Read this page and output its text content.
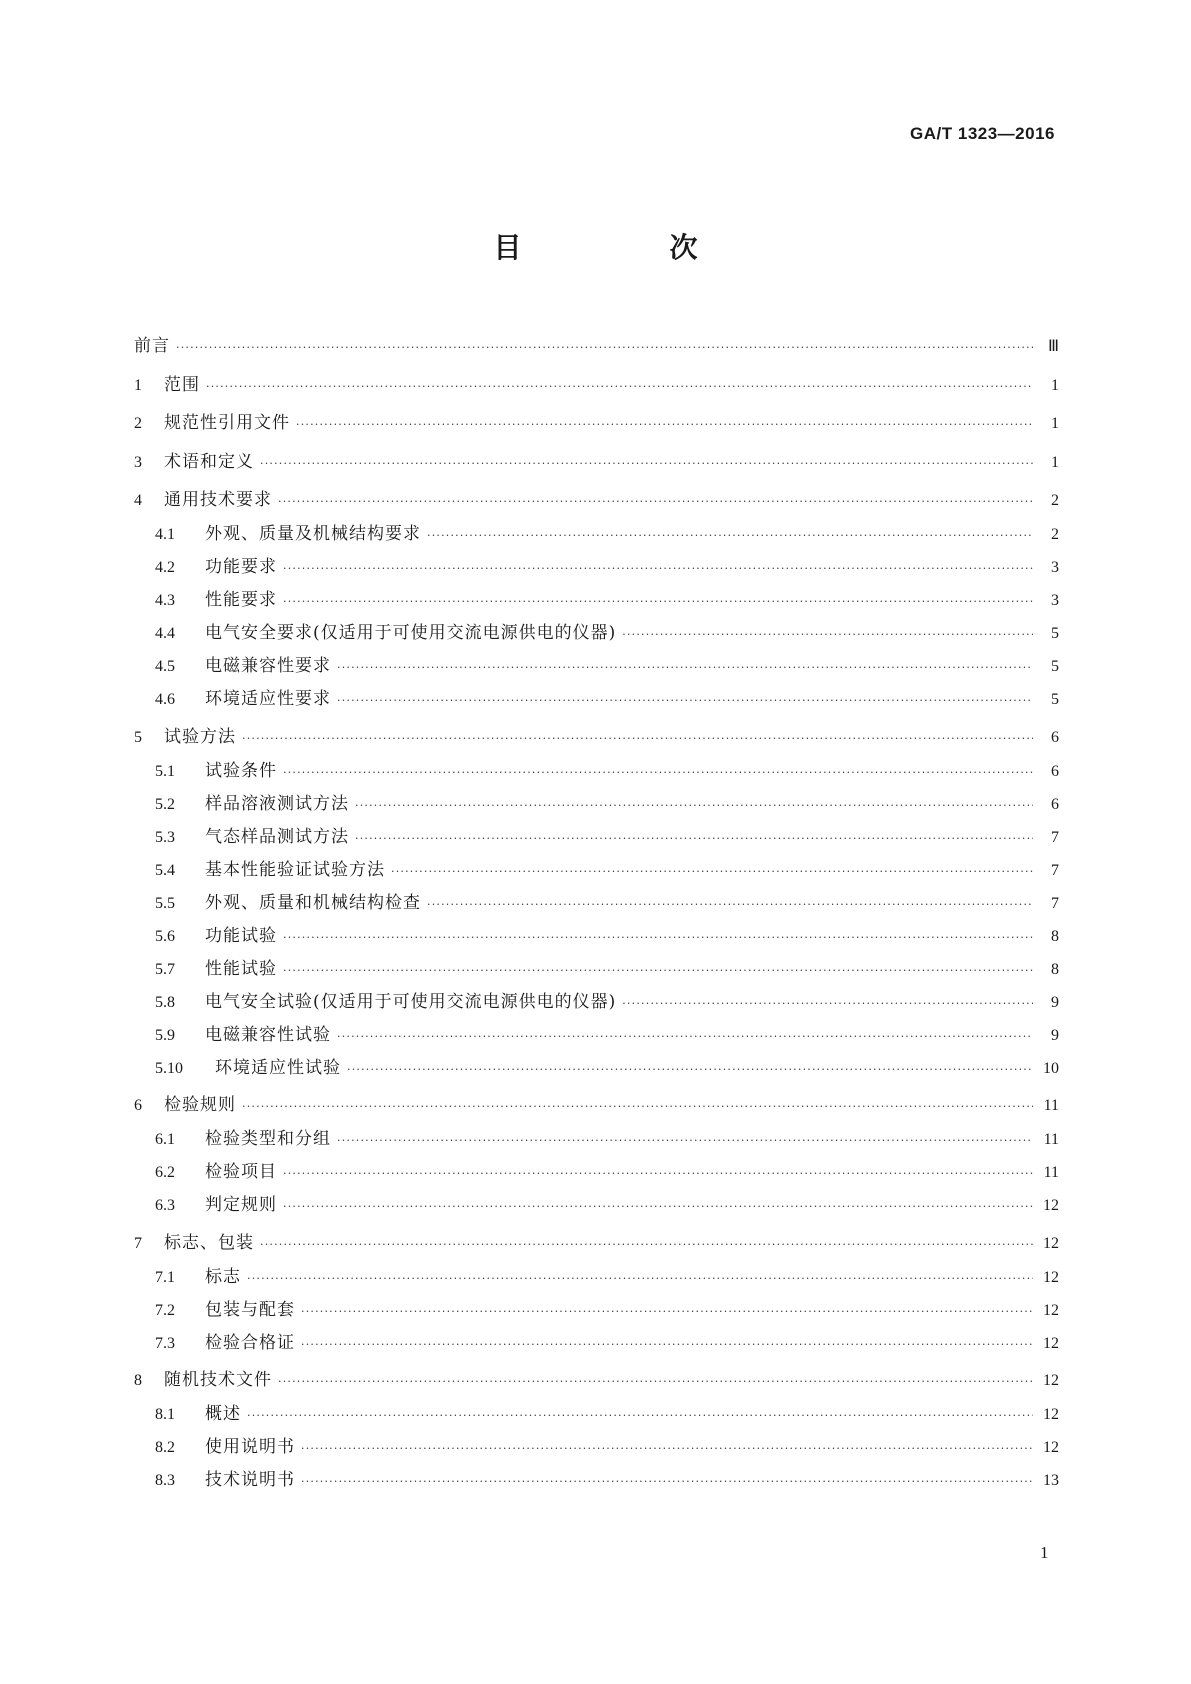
GA/T 1323—2016
目　次
前言 ·····	Ⅲ
1	范围 ·····	1
2	规范性引用文件 ·····	1
3	术语和定义 ·····	1
4	通用技术要求 ·····	2
4.1	外观、质量及机械结构要求 ·····	2
4.2	功能要求 ·····	3
4.3	性能要求 ·····	3
4.4	电气安全要求(仅适用于可使用交流电源供电的仪器) ·····	5
4.5	电磁兼容性要求 ·····	5
4.6	环境适应性要求 ·····	5
5	试验方法 ·····	6
5.1	试验条件 ·····	6
5.2	样品溶液测试方法 ·····	6
5.3	气态样品测试方法 ·····	7
5.4	基本性能验证试验方法 ·····	7
5.5	外观、质量和机械结构检查 ·····	7
5.6	功能试验 ·····	8
5.7	性能试验 ·····	8
5.8	电气安全试验(仅适用于可使用交流电源供电的仪器) ·····	9
5.9	电磁兼容性试验 ·····	9
5.10	环境适应性试验 ·····	10
6	检验规则 ·····	11
6.1	检验类型和分组 ·····	11
6.2	检验项目 ·····	11
6.3	判定规则 ·····	12
7	标志、包装 ·····	12
7.1	标志 ·····	12
7.2	包装与配套 ·····	12
7.3	检验合格证 ·····	12
8	随机技术文件 ·····	12
8.1	概述 ·····	12
8.2	使用说明书 ·····	12
8.3	技术说明书 ·····	13
1
